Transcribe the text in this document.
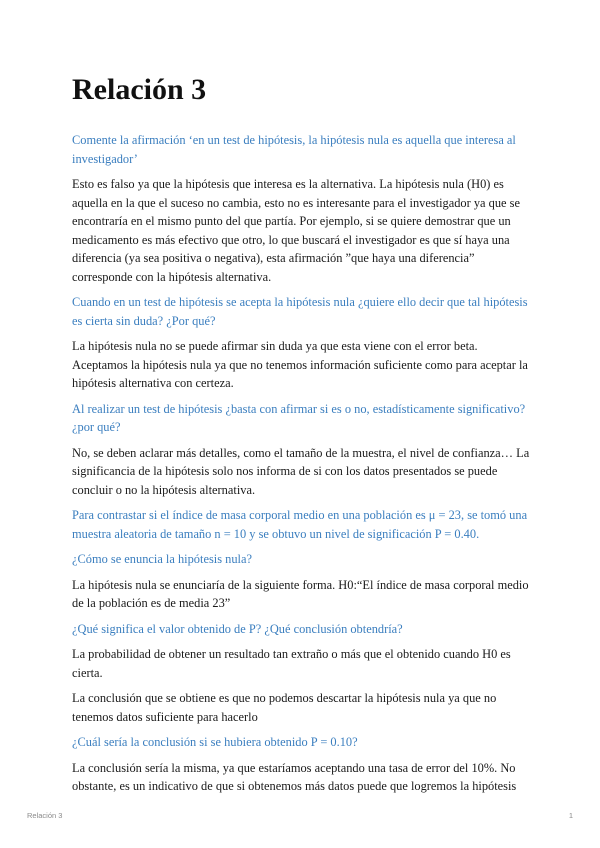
Relación 3

Comente la afirmación ‘en un test de hipótesis, la hipótesis nula es aquella que interesa al investigador’

Esto es falso ya que la hipótesis que interesa es la alternativa. La hipótesis nula (H0) es aquella en la que el suceso no cambia, esto no es interesante para el investigador ya que se encontraría en el mismo punto del que partía. Por ejemplo, si se quiere demostrar que un medicamento es más efectivo que otro, lo que buscará el investigador es que sí haya una diferencia (ya sea positiva o negativa), esta afirmación ”que haya una diferencia” corresponde con la hipótesis alternativa.

Cuando en un test de hipótesis se acepta la hipótesis nula ¿quiere ello decir que tal hipótesis es cierta sin duda? ¿Por qué?

La hipótesis nula no se puede afirmar sin duda ya que esta viene con el error beta. Aceptamos la hipótesis nula ya que no tenemos información suficiente como para aceptar la hipótesis alternativa con certeza.

Al realizar un test de hipótesis ¿basta con afirmar si es o no, estadísticamente significativo? ¿por qué?

No, se deben aclarar más detalles, como el tamaño de la muestra, el nivel de confianza… La significancia de la hipótesis solo nos informa de si con los datos presentados se puede concluir o no la hipótesis alternativa.

Para contrastar si el índice de masa corporal medio en una población es μ = 23, se tomó una muestra aleatoria de tamaño n = 10 y se obtuvo un nivel de significación P = 0.40.

¿Cómo se enuncia la hipótesis nula?

La hipótesis nula se enunciaría de la siguiente forma. H0:“El índice de masa corporal medio de la población es de media 23”

¿Qué significa el valor obtenido de P? ¿Qué conclusión obtendría?

La probabilidad de obtener un resultado tan extraño o más que el obtenido cuando H0 es cierta.

La conclusión que se obtiene es que no podemos descartar la hipótesis nula ya que no tenemos datos suficiente para hacerlo

¿Cuál sería la conclusión si se hubiera obtenido P = 0.10?

La conclusión sería la misma, ya que estaríamos aceptando una tasa de error del 10%. No obstante, es un indicativo de que si obtenemos más datos puede que logremos la hipótesis

Relación 3	1
